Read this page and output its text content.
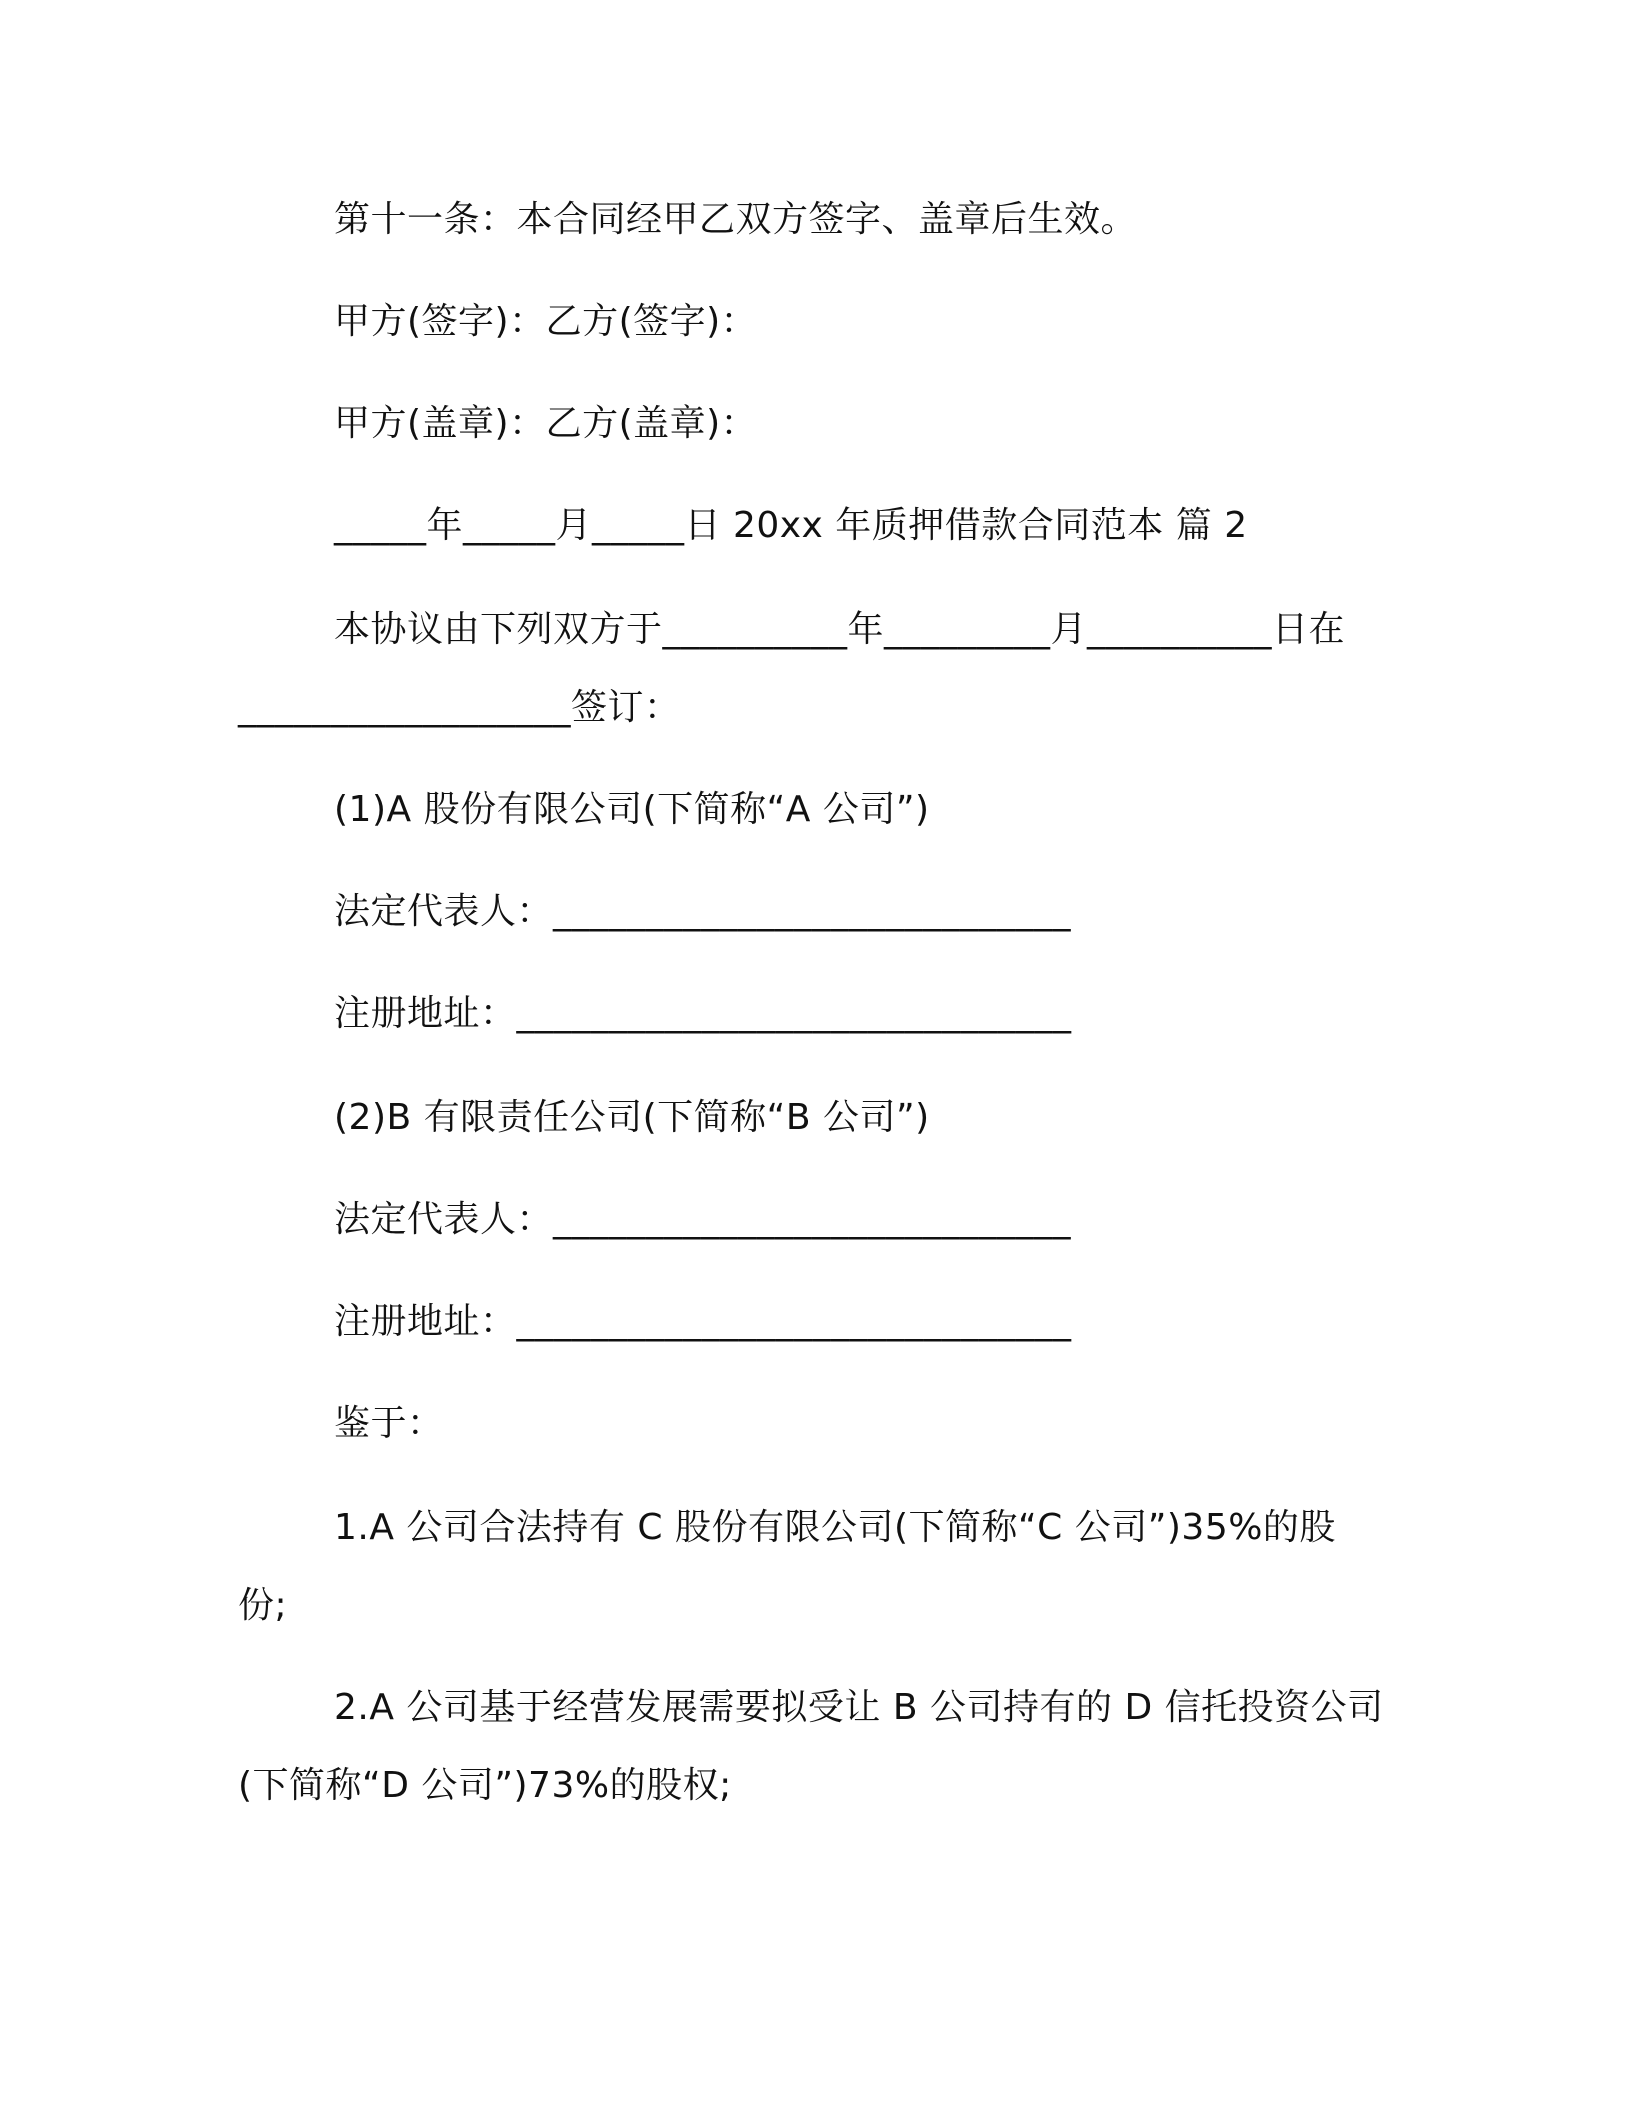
第十一条：本合同经甲乙双方签字、盖章后生效。
甲方(签字)：乙方(签字)：
甲方(盖章)：乙方(盖章)：
_____年_____月_____日 20xx 年质押借款合同范本 篇 2
本协议由下列双方于__________年_________月__________日在
__________________签订：
(1)A 股份有限公司(下简称“A 公司”)
法定代表人：____________________________
注册地址：______________________________
(2)B 有限责任公司(下简称“B 公司”)
法定代表人：____________________________
注册地址：______________________________
鉴于：
1.A 公司合法持有 C 股份有限公司(下简称“C 公司”)35%的股
份;
2.A 公司基于经营发展需要拟受让 B 公司持有的 D 信托投资公司
(下简称“D 公司”)73%的股权;
